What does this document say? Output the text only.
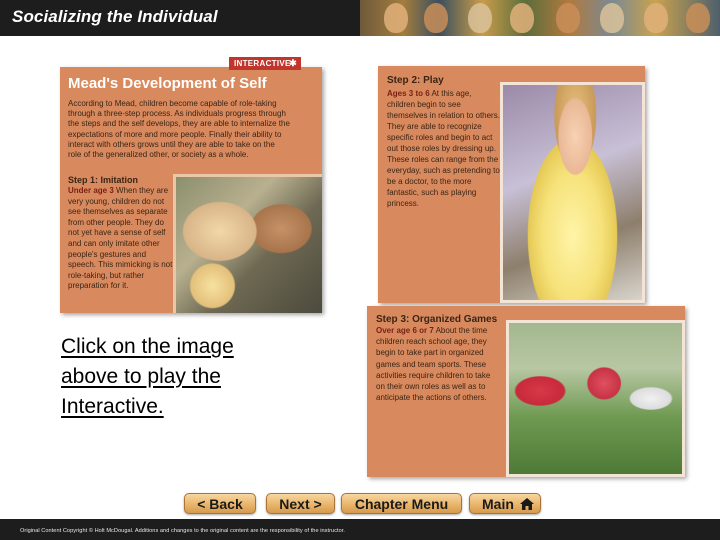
Socializing the Individual
INTERACTIVE
✱
Mead's Development of Self
According to Mead, children become capable of role-taking through a three-step process. As individuals progress through the steps and the self develops, they are able to internalize the expectations of more and more people. Finally their ability to interact with others grows until they are able to take on the role of the generalized other, or society as a whole.
Step 1: Imitation
Under age 3 When they are very young, children do not see themselves as separate from other people. They do not yet have a sense of self and can only imitate other people's gestures and speech. This mimicking is not role-taking, but rather preparation for it.
Step 2: Play
Ages 3 to 6 At this age, children begin to see themselves in relation to others. They are able to recognize specific roles and begin to act out those roles by dressing up. These roles can range from the everyday, such as pretending to be a doctor, to the more fantastic, such as playing princess.
Step 3: Organized Games
Over age 6 or 7 About the time children reach school age, they begin to take part in organized games and team sports. These activities require children to take on their own roles as well as to anticipate the actions of others.
Click on the image above to play the Interactive.
< Back	Next >	Chapter Menu	Main
Original Content Copyright © Holt McDougal. Additions and changes to the original content are the responsibility of the instructor.
